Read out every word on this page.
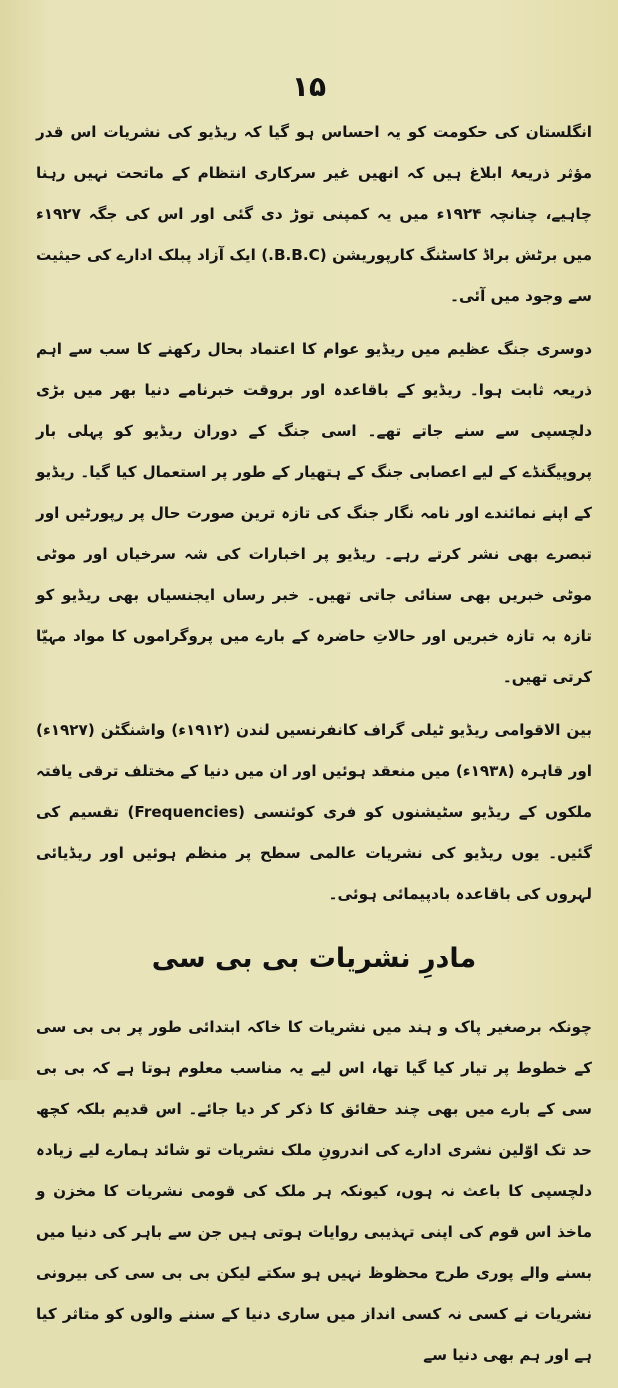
۱۵

انگلستان کی حکومت کو یہ احساس ہو گیا کہ ریڈیو کی نشریات اس قدر مؤثر ذریعۂ ابلاغ ہیں کہ انھیں غیر سرکاری انتظام کے ماتحت نہیں رہنا چاہیے، چنانچہ ۱۹۲۴ء میں یہ کمپنی توڑ دی گئی اور اس کی جگہ ۱۹۲۷ء میں برٹش براڈ کاسٹنگ کارپوریشن (B.B.C.) ایک آزاد پبلک ادارے کی حیثیت سے وجود میں آئی۔

دوسری جنگ عظیم میں ریڈیو عوام کا اعتماد بحال رکھنے کا سب سے اہم ذریعہ ثابت ہوا۔ ریڈیو کے باقاعدہ اور بروقت خبرنامے دنیا بھر میں بڑی دلچسپی سے سنے جاتے تھے۔ اسی جنگ کے دوران ریڈیو کو پہلی بار پروپیگنڈے کے لیے اعصابی جنگ کے ہتھیار کے طور پر استعمال کیا گیا۔ ریڈیو کے اپنے نمائندے اور نامہ نگار جنگ کی تازہ ترین صورت حال پر رپورٹیں اور تبصرے بھی نشر کرتے رہے۔ ریڈیو پر اخبارات کی شہ سرخیاں اور موٹی موٹی خبریں بھی سنائی جاتی تھیں۔ خبر رساں ایجنسیاں بھی ریڈیو کو تازہ بہ تازہ خبریں اور حالاتِ حاضرہ کے بارے میں پروگراموں کا مواد مہیّا کرتی تھیں۔

بین الاقوامی ریڈیو ٹیلی گراف کانفرنسیں لندن (۱۹۱۲ء) واشنگٹن (۱۹۲۷ء) اور قاہرہ (۱۹۳۸ء) میں منعقد ہوئیں اور ان میں دنیا کے مختلف ترقی یافتہ ملکوں کے ریڈیو سٹیشنوں کو فری کوئنسی (Frequencies) تقسیم کی گئیں۔ یوں ریڈیو کی نشریات عالمی سطح پر منظم ہوئیں اور ریڈیائی لہروں کی باقاعدہ بادپیمائی ہوئی۔

مادرِ نشریات بی بی سی

چونکہ برصغیر پاک و ہند میں نشریات کا خاکہ ابتدائی طور پر بی بی سی کے خطوط پر تیار کیا گیا تھا، اس لیے یہ مناسب معلوم ہوتا ہے کہ بی بی سی کے بارے میں بھی چند حقائق کا ذکر کر دیا جائے۔ اس قدیم بلکہ کچھ حد تک اوّلین نشری ادارے کی اندرونِ ملک نشریات تو شائد ہمارے لیے زیادہ دلچسپی کا باعث نہ ہوں، کیونکہ ہر ملک کی قومی نشریات کا مخزن و ماخذ اس قوم کی اپنی تہذیبی روایات ہوتی ہیں جن سے باہر کی دنیا میں بسنے والے پوری طرح محظوظ نہیں ہو سکتے لیکن بی بی سی کی بیرونی نشریات نے کسی نہ کسی انداز میں ساری دنیا کے سننے والوں کو متاثر کیا ہے اور ہم بھی دنیا سے
